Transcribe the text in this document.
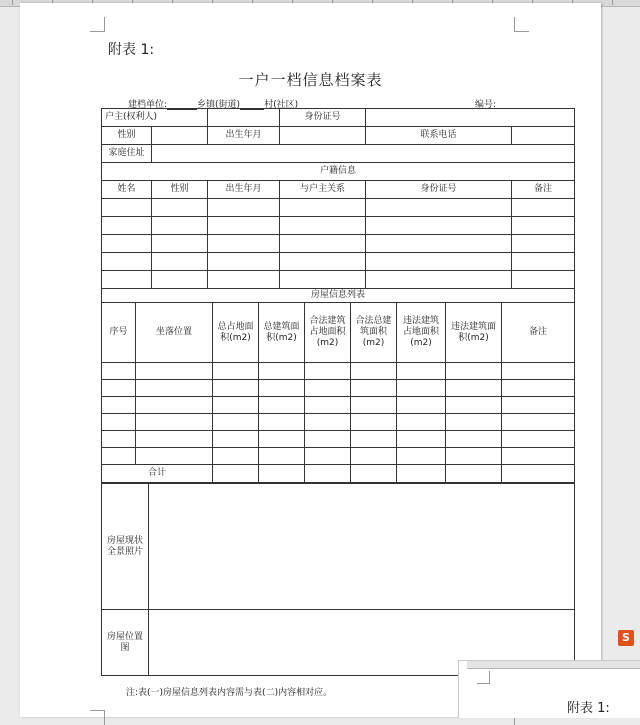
附表 1:
一户一档信息档案表
建档单位:	乡镇(街道)	村(社区)	编号:
户主(权利人)			身份证号		
性别		出生年月		联系电话	
家庭住址					
户籍信息					
姓名	性别	出生年月	与户主关系	身份证号	备注

房屋信息列表								
序号	坐落位置	总占地面积(m2)	总建筑面积(m2)	合法建筑占地面积(m2)	合法总建筑面积(m2)	违法建筑占地面积(m2)	违法建筑面积(m2)	备注

合计								
房屋现状全景照片	
房屋位置图	
注:表(一)房屋信息列表内容需与表(二)内容相对应。
S
附表 1:
